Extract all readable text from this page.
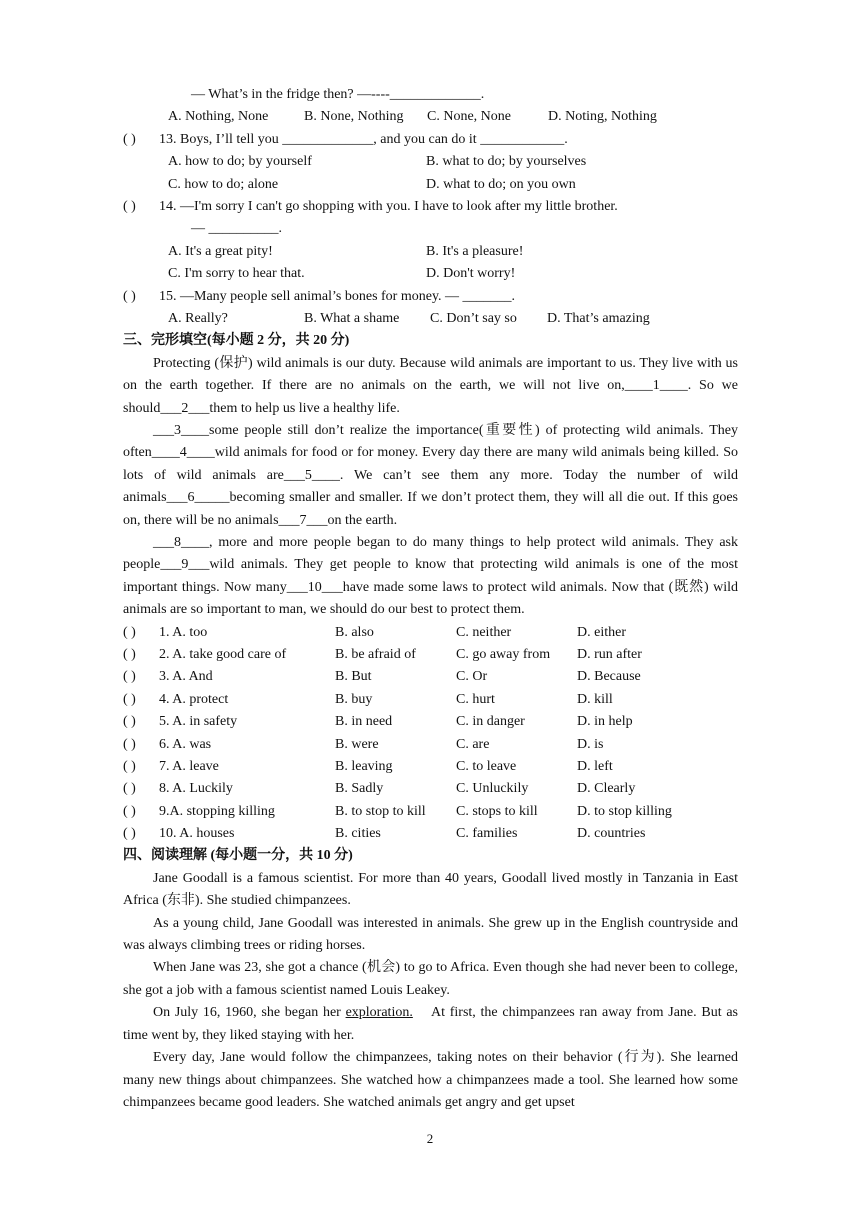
— What’s in the fridge then? —----_____________.
A. Nothing, None	B. None, Nothing	C. None, None	D. Noting, Nothing
( ) 13. Boys, I’ll tell you _____________, and you can do it ____________.
A. how to do; by yourself	B. what to do; by yourselves
C. how to do; alone	D. what to do; on you own
( ) 14. —I'm sorry I can't go shopping with you. I have to look after my little brother.
— __________.
A. It's a great pity!	B. It's a pleasure!
C. I'm sorry to hear that.	D. Don't worry!
( ) 15. —Many people sell animal’s bones for money. — _______.
A. Really?	B. What a shame	C. Don’t say so	D. That’s amazing
三、完形填空(每小题 2 分，共 20 分)

Protecting (保护) wild animals is our duty. Because wild animals are important to us. They live with us on the earth together. If there are no animals on the earth, we will not live on,____1____. So we should___2___them to help us live a healthy life.

___3____some people still don’t realize the importance(重要性) of protecting wild animals. They often____4____wild animals for food or for money. Every day there are many wild animals being killed. So lots of wild animals are___5____. We can’t see them any more. Today the number of wild animals___6_____becoming smaller and smaller. If we don’t protect them, they will all die out. If this goes on, there will be no animals___7___on the earth.

___8____, more and more people began to do many things to help protect wild animals. They ask people___9___wild animals. They get people to know that protecting wild animals is one of the most important things. Now many___10___have made some laws to protect wild animals. Now that (既然) wild animals are so important to man, we should do our best to protect them.

( ) 1. A. too	B. also	C. neither	D. either
( ) 2. A. take good care of	B. be afraid of	C. go away from	D. run after
( ) 3. A. And	B. But	C. Or	D. Because
( ) 4. A. protect	B. buy	C. hurt	D. kill
( ) 5. A. in safety	B. in need	C. in danger	D. in help
( ) 6. A. was	B. were	C. are	D. is
( ) 7. A. leave	B. leaving	C. to leave	D. left
( ) 8. A. Luckily	B. Sadly	C. Unluckily	D. Clearly
( ) 9.A. stopping killing	B. to stop to kill	C. stops to kill	D. to stop killing
( ) 10. A. houses	B. cities	C. families	D. countries
四、阅读理解 (每小题一分，共 10 分)

Jane Goodall is a famous scientist. For more than 40 years, Goodall lived mostly in Tanzania in East Africa (东非). She studied chimpanzees.

As a young child, Jane Goodall was interested in animals. She grew up in the English countryside and was always climbing trees or riding horses.

When Jane was 23, she got a chance (机会) to go to Africa. Even though she had never been to college, she got a job with a famous scientist named Louis Leakey.

On July 16, 1960, she began her exploration.    At first, the chimpanzees ran away from Jane. But as time went by, they liked staying with her.

Every day, Jane would follow the chimpanzees, taking notes on their behavior (行为). She learned many new things about chimpanzees. She watched how a chimpanzees made a tool. She learned how some chimpanzees became good leaders. She watched animals get angry and get upset

2
